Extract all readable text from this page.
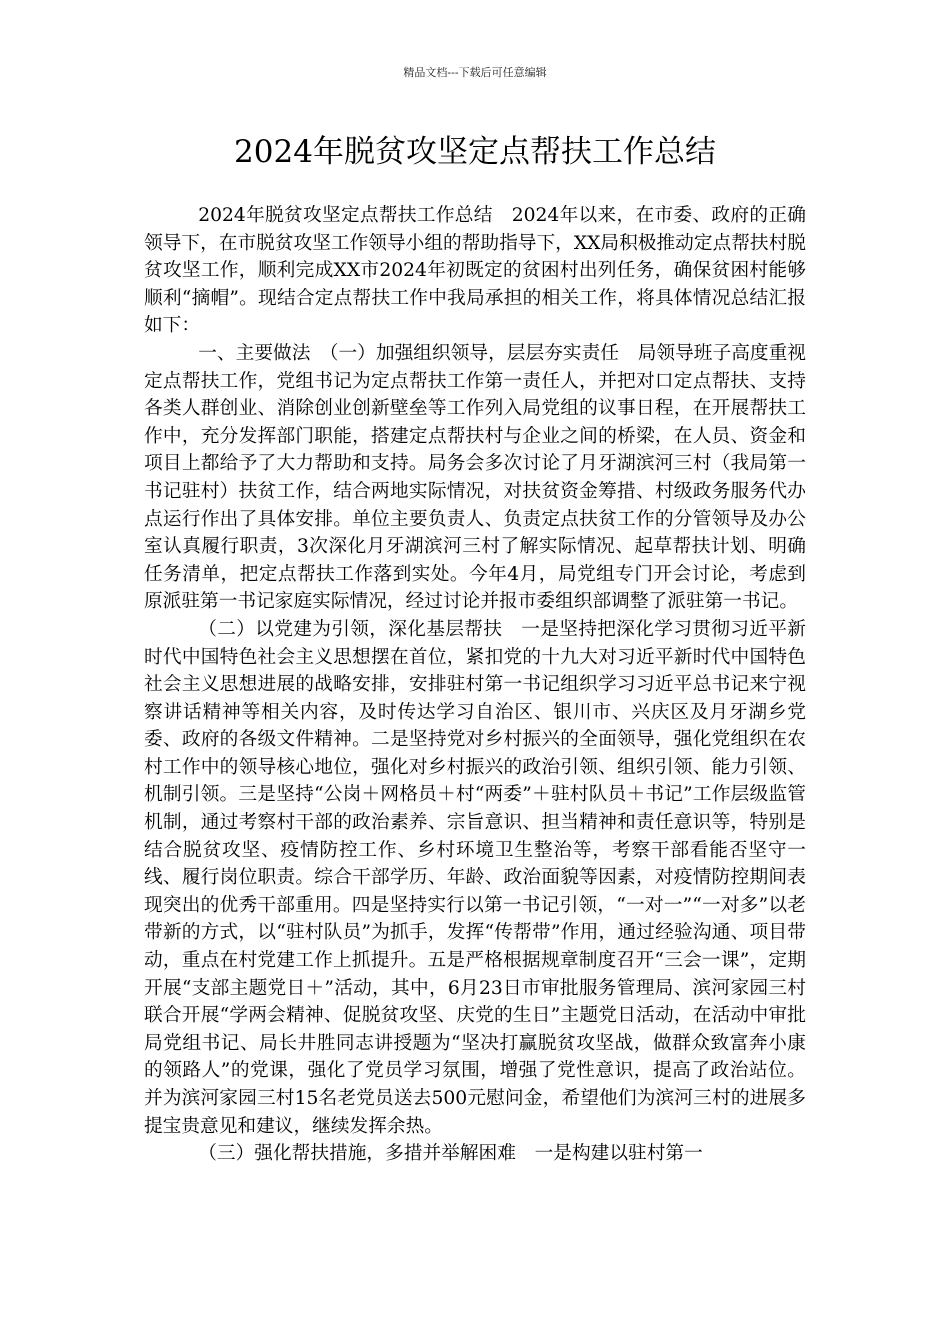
精品文档---下载后可任意编辑
2024年脱贫攻坚定点帮扶工作总结

2024年脱贫攻坚定点帮扶工作总结　2024年以来，在市委、政府的正确领导下，在市脱贫攻坚工作领导小组的帮助指导下，XX局积极推动定点帮扶村脱贫攻坚工作，顺利完成XX市2024年初既定的贫困村出列任务，确保贫困村能够顺利“摘帽”。现结合定点帮扶工作中我局承担的相关工作，将具体情况总结汇报如下：

一、主要做法　（一）加强组织领导，层层夯实责任　局领导班子高度重视定点帮扶工作，党组书记为定点帮扶工作第一责任人，并把对口定点帮扶、支持各类人群创业、消除创业创新壁垒等工作列入局党组的议事日程，在开展帮扶工作中，充分发挥部门职能，搭建定点帮扶村与企业之间的桥梁，在人员、资金和项目上都给予了大力帮助和支持。局务会多次讨论了月牙湖滨河三村（我局第一书记驻村）扶贫工作，结合两地实际情况，对扶贫资金筹措、村级政务服务代办点运行作出了具体安排。单位主要负责人、负责定点扶贫工作的分管领导及办公室认真履行职责，3次深化月牙湖滨河三村了解实际情况、起草帮扶计划、明确任务清单，把定点帮扶工作落到实处。今年4月，局党组专门开会讨论，考虑到原派驻第一书记家庭实际情况，经过讨论并报市委组织部调整了派驻第一书记。

（二）以党建为引领，深化基层帮扶　一是坚持把深化学习贯彻习近平新时代中国特色社会主义思想摆在首位，紧扣党的十九大对习近平新时代中国特色社会主义思想进展的战略安排，安排驻村第一书记组织学习习近平总书记来宁视察讲话精神等相关内容，及时传达学习自治区、银川市、兴庆区及月牙湖乡党委、政府的各级文件精神。二是坚持党对乡村振兴的全面领导，强化党组织在农村工作中的领导核心地位，强化对乡村振兴的政治引领、组织引领、能力引领、机制引领。三是坚持“公岗＋网格员＋村“两委”＋驻村队员＋书记”工作层级监管机制，通过考察村干部的政治素养、宗旨意识、担当精神和责任意识等，特别是结合脱贫攻坚、疫情防控工作、乡村环境卫生整治等，考察干部看能否坚守一线、履行岗位职责。综合干部学历、年龄、政治面貌等因素，对疫情防控期间表现突出的优秀干部重用。四是坚持实行以第一书记引领，“一对一”“一对多”以老带新的方式，以“驻村队员”为抓手，发挥“传帮带”作用，通过经验沟通、项目带动，重点在村党建工作上抓提升。五是严格根据规章制度召开“三会一课”，定期开展“支部主题党日＋”活动，其中，6月23日市审批服务管理局、滨河家园三村联合开展“学两会精神、促脱贫攻坚、庆党的生日”主题党日活动，在活动中审批局党组书记、局长井胜同志讲授题为“坚决打赢脱贫攻坚战，做群众致富奔小康的领路人”的党课，强化了党员学习氛围，增强了党性意识，提高了政治站位。并为滨河家园三村15名老党员送去500元慰问金，希望他们为滨河三村的进展多提宝贵意见和建议，继续发挥余热。

（三）强化帮扶措施，多措并举解困难　一是构建以驻村第一
